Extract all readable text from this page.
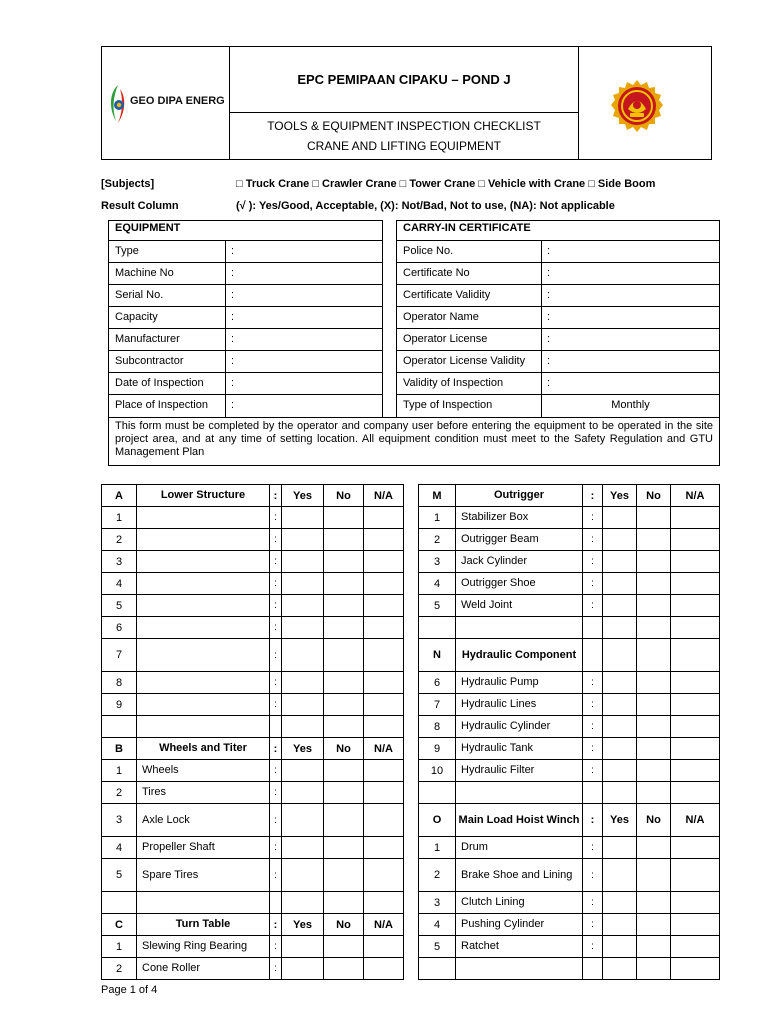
GEO DIPA ENERG
EPC PEMIPAAN CIPAKU – POND J
TOOLS & EQUIPMENT INSPECTION CHECKLIST
CRANE AND LIFTING EQUIPMENT
[Subjects]	□ Truck Crane □ Crawler Crane □ Tower Crane □ Vehicle with Crane □ Side Boom
Result Column	(√ ): Yes/Good, Acceptable, (X): Not/Bad, Not to use, (NA): Not applicable
EQUIPMENT
Type	:
Machine No	:
Serial No.	:
Capacity	:
Manufacturer	:
Subcontractor	:
Date of Inspection :
Place of Inspection :
CARRY-IN CERTIFICATE
Police No.	:
Certificate No	:
Certificate Validity	:
Operator Name	:
Operator License	:
Operator License Validity :
Validity of Inspection	:
Type of Inspection	Monthly
This form must be completed by the operator and company user before entering the equipment to be operated in the site project area, and at any time of setting location. All equipment condition must meet to the Safety Regulation and GTU Management Plan
A	Lower Structure	:	Yes	No	N/A
1		:			
2		:			
3		:			
4		:			
5		:			
6		:			
7		:			
8		:			
9		:			

B	Wheels and Titer	:	Yes	No	N/A
1	Wheels	:			
2	Tires	:			
3	Axle Lock	:			
4	Propeller Shaft	:			
5	Spare Tires	:			

C	Turn Table	:	Yes	No	N/A
1	Slewing Ring Bearing	:			
2	Cone Roller	:			
M	Outrigger	:	Yes	No	N/A
1	Stabilizer Box	:			
2	Outrigger Beam	:			
3	Jack Cylinder	:			
4	Outrigger Shoe	:			
5	Weld Joint	:			

N	Hydraulic Component				
6	Hydraulic Pump	:			
7	Hydraulic Lines	:			
8	Hydraulic Cylinder	:			
9	Hydraulic Tank	:			
10	Hydraulic Filter	:			

O	Main Load Hoist Winch	:	Yes	No	N/A
1	Drum	:			
2	Brake Shoe and Lining	:			
3	Clutch Lining	:			
4	Pushing Cylinder	:			
5	Ratchet	:			

Page 1 of 4
